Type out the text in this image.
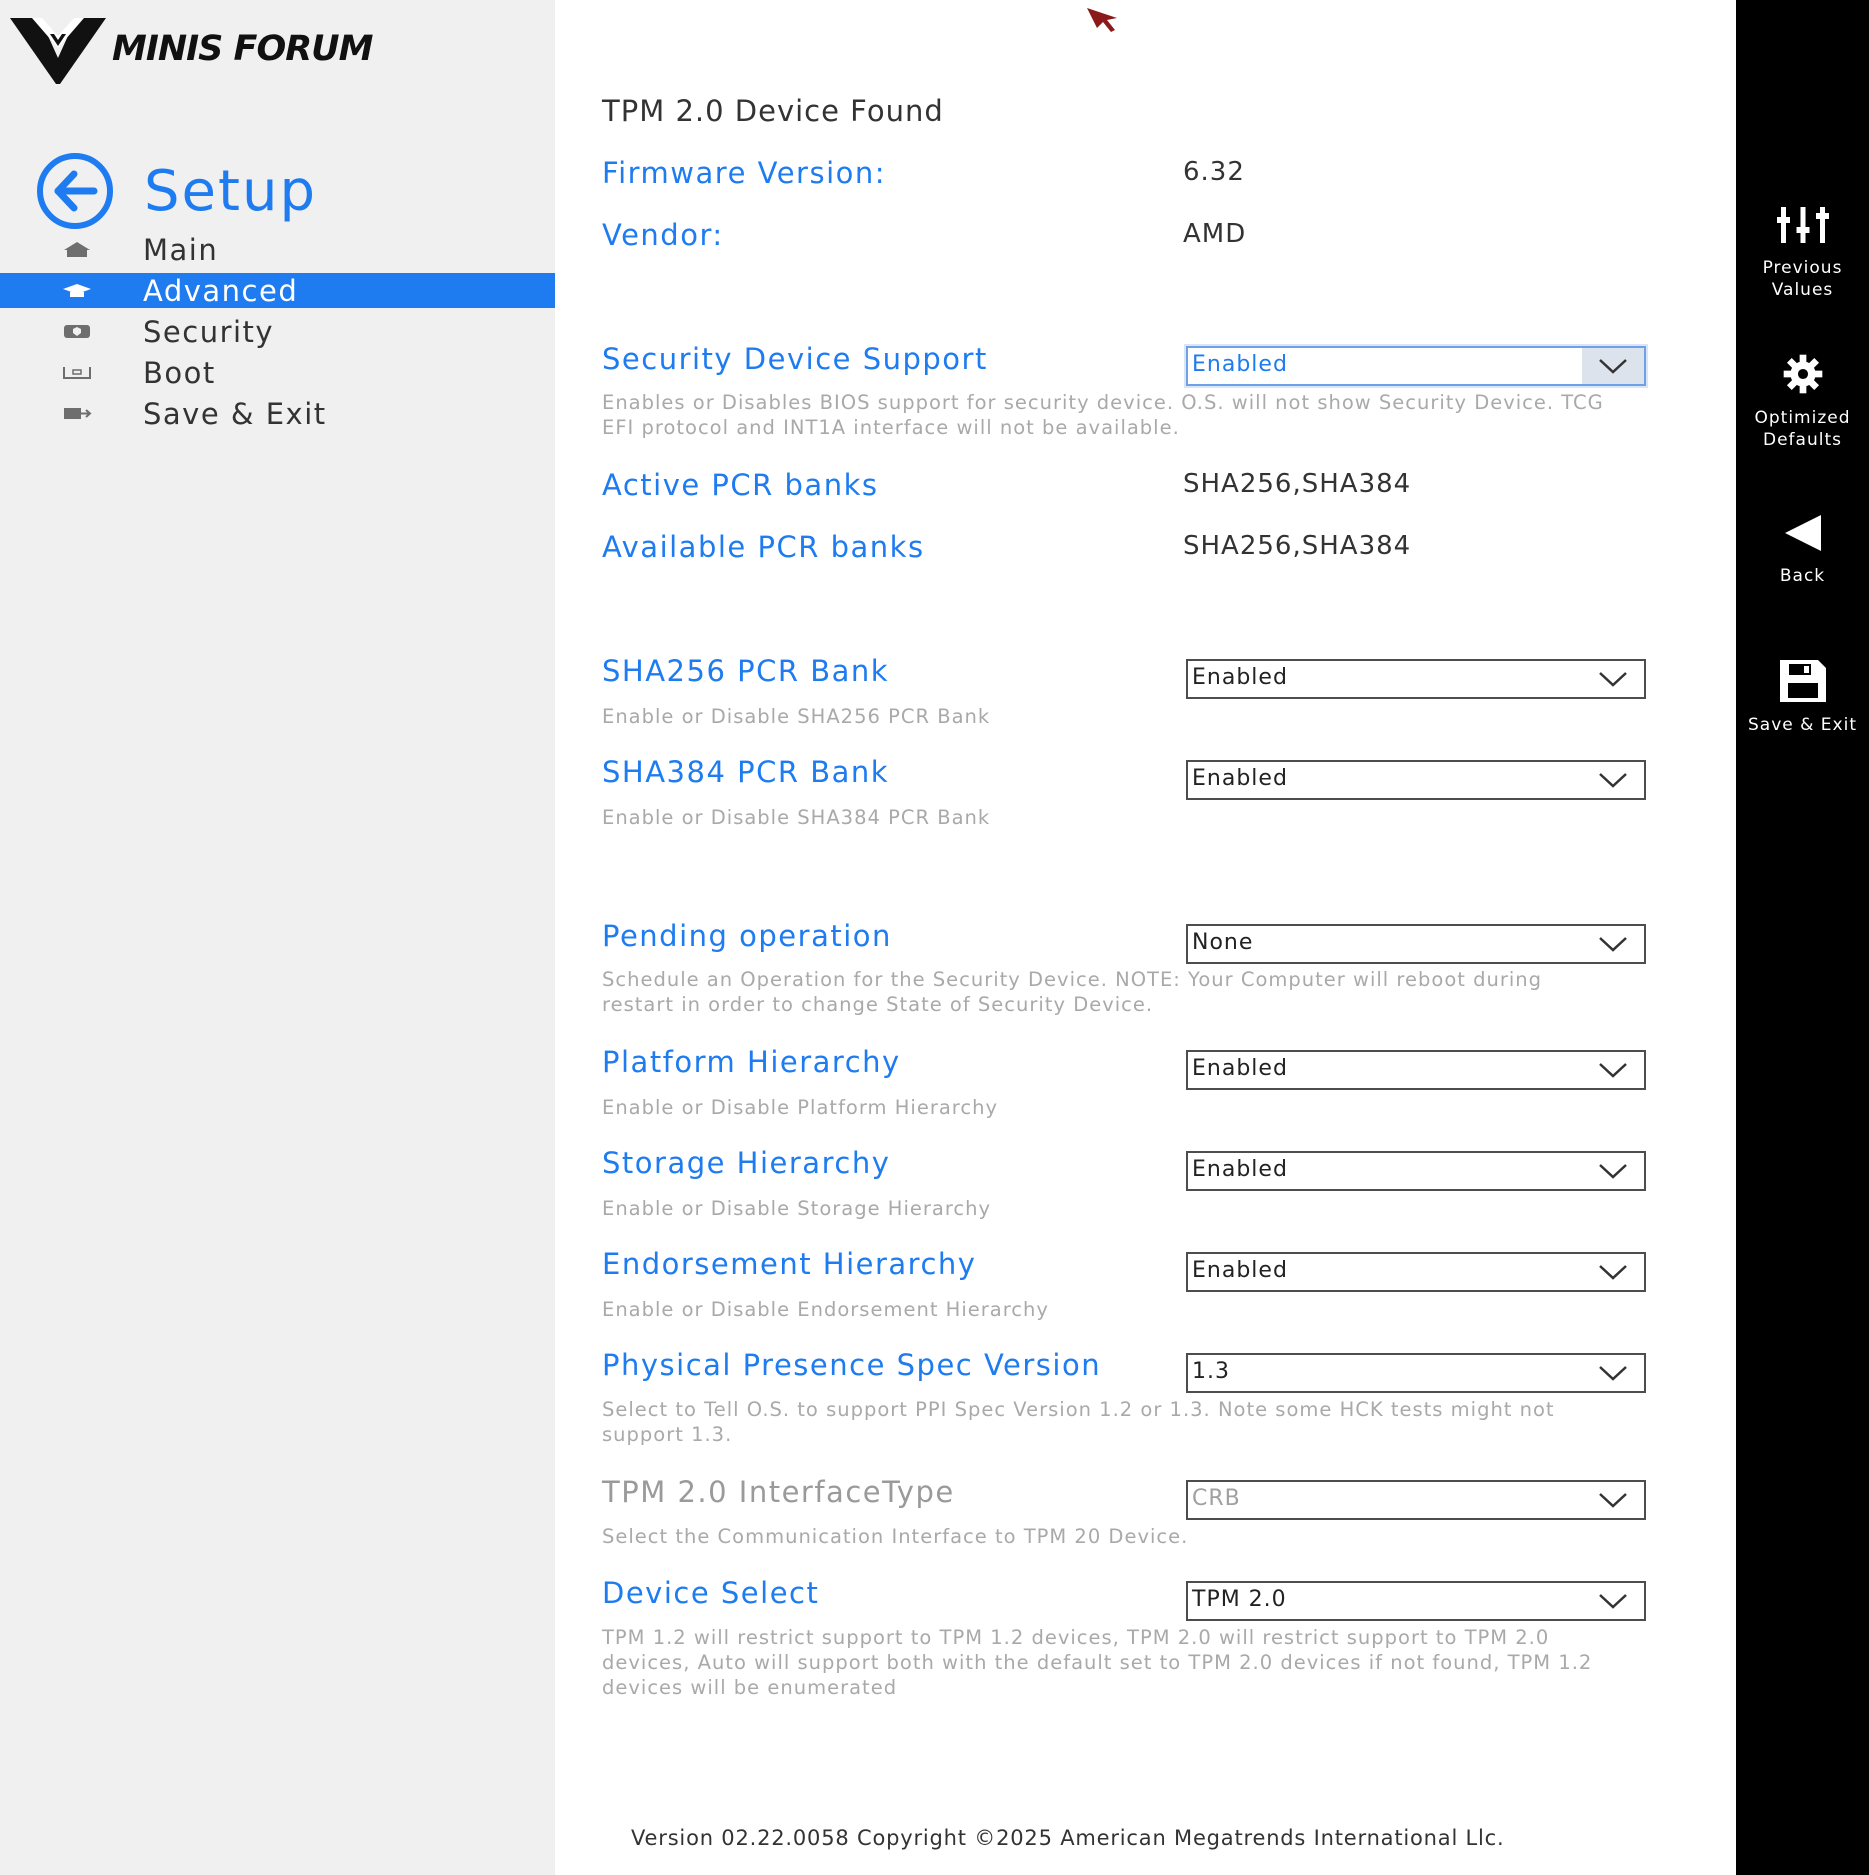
MINIS FORUM
Setup
Main
Advanced
Security
Boot
Save & Exit
TPM 2.0 Device Found
Firmware Version:	6.32
Vendor:	AMD
Security Device Support	Enabled
Enables or Disables BIOS support for security device. O.S. will not show Security Device. TCG EFI protocol and INT1A interface will not be available.
Active PCR banks	SHA256,SHA384
Available PCR banks	SHA256,SHA384
SHA256 PCR Bank	Enabled
Enable or Disable SHA256 PCR Bank
SHA384 PCR Bank	Enabled
Enable or Disable SHA384 PCR Bank
Pending operation	None
Schedule an Operation for the Security Device. NOTE: Your Computer will reboot during restart in order to change State of Security Device.
Platform Hierarchy	Enabled
Enable or Disable Platform Hierarchy
Storage Hierarchy	Enabled
Enable or Disable Storage Hierarchy
Endorsement Hierarchy	Enabled
Enable or Disable Endorsement Hierarchy
Physical Presence Spec Version	1.3
Select to Tell O.S. to support PPI Spec Version 1.2 or 1.3. Note some HCK tests might not support 1.3.
TPM 2.0 InterfaceType	CRB
Select the Communication Interface to TPM 20 Device.
Device Select	TPM 2.0
TPM 1.2 will restrict support to TPM 1.2 devices, TPM 2.0 will restrict support to TPM 2.0 devices, Auto will support both with the default set to TPM 2.0 devices if not found, TPM 1.2 devices will be enumerated
Version 02.22.0058 Copyright ©2025 American Megatrends International Llc.
Previous
Values
Optimized
Defaults
Back
Save & Exit
